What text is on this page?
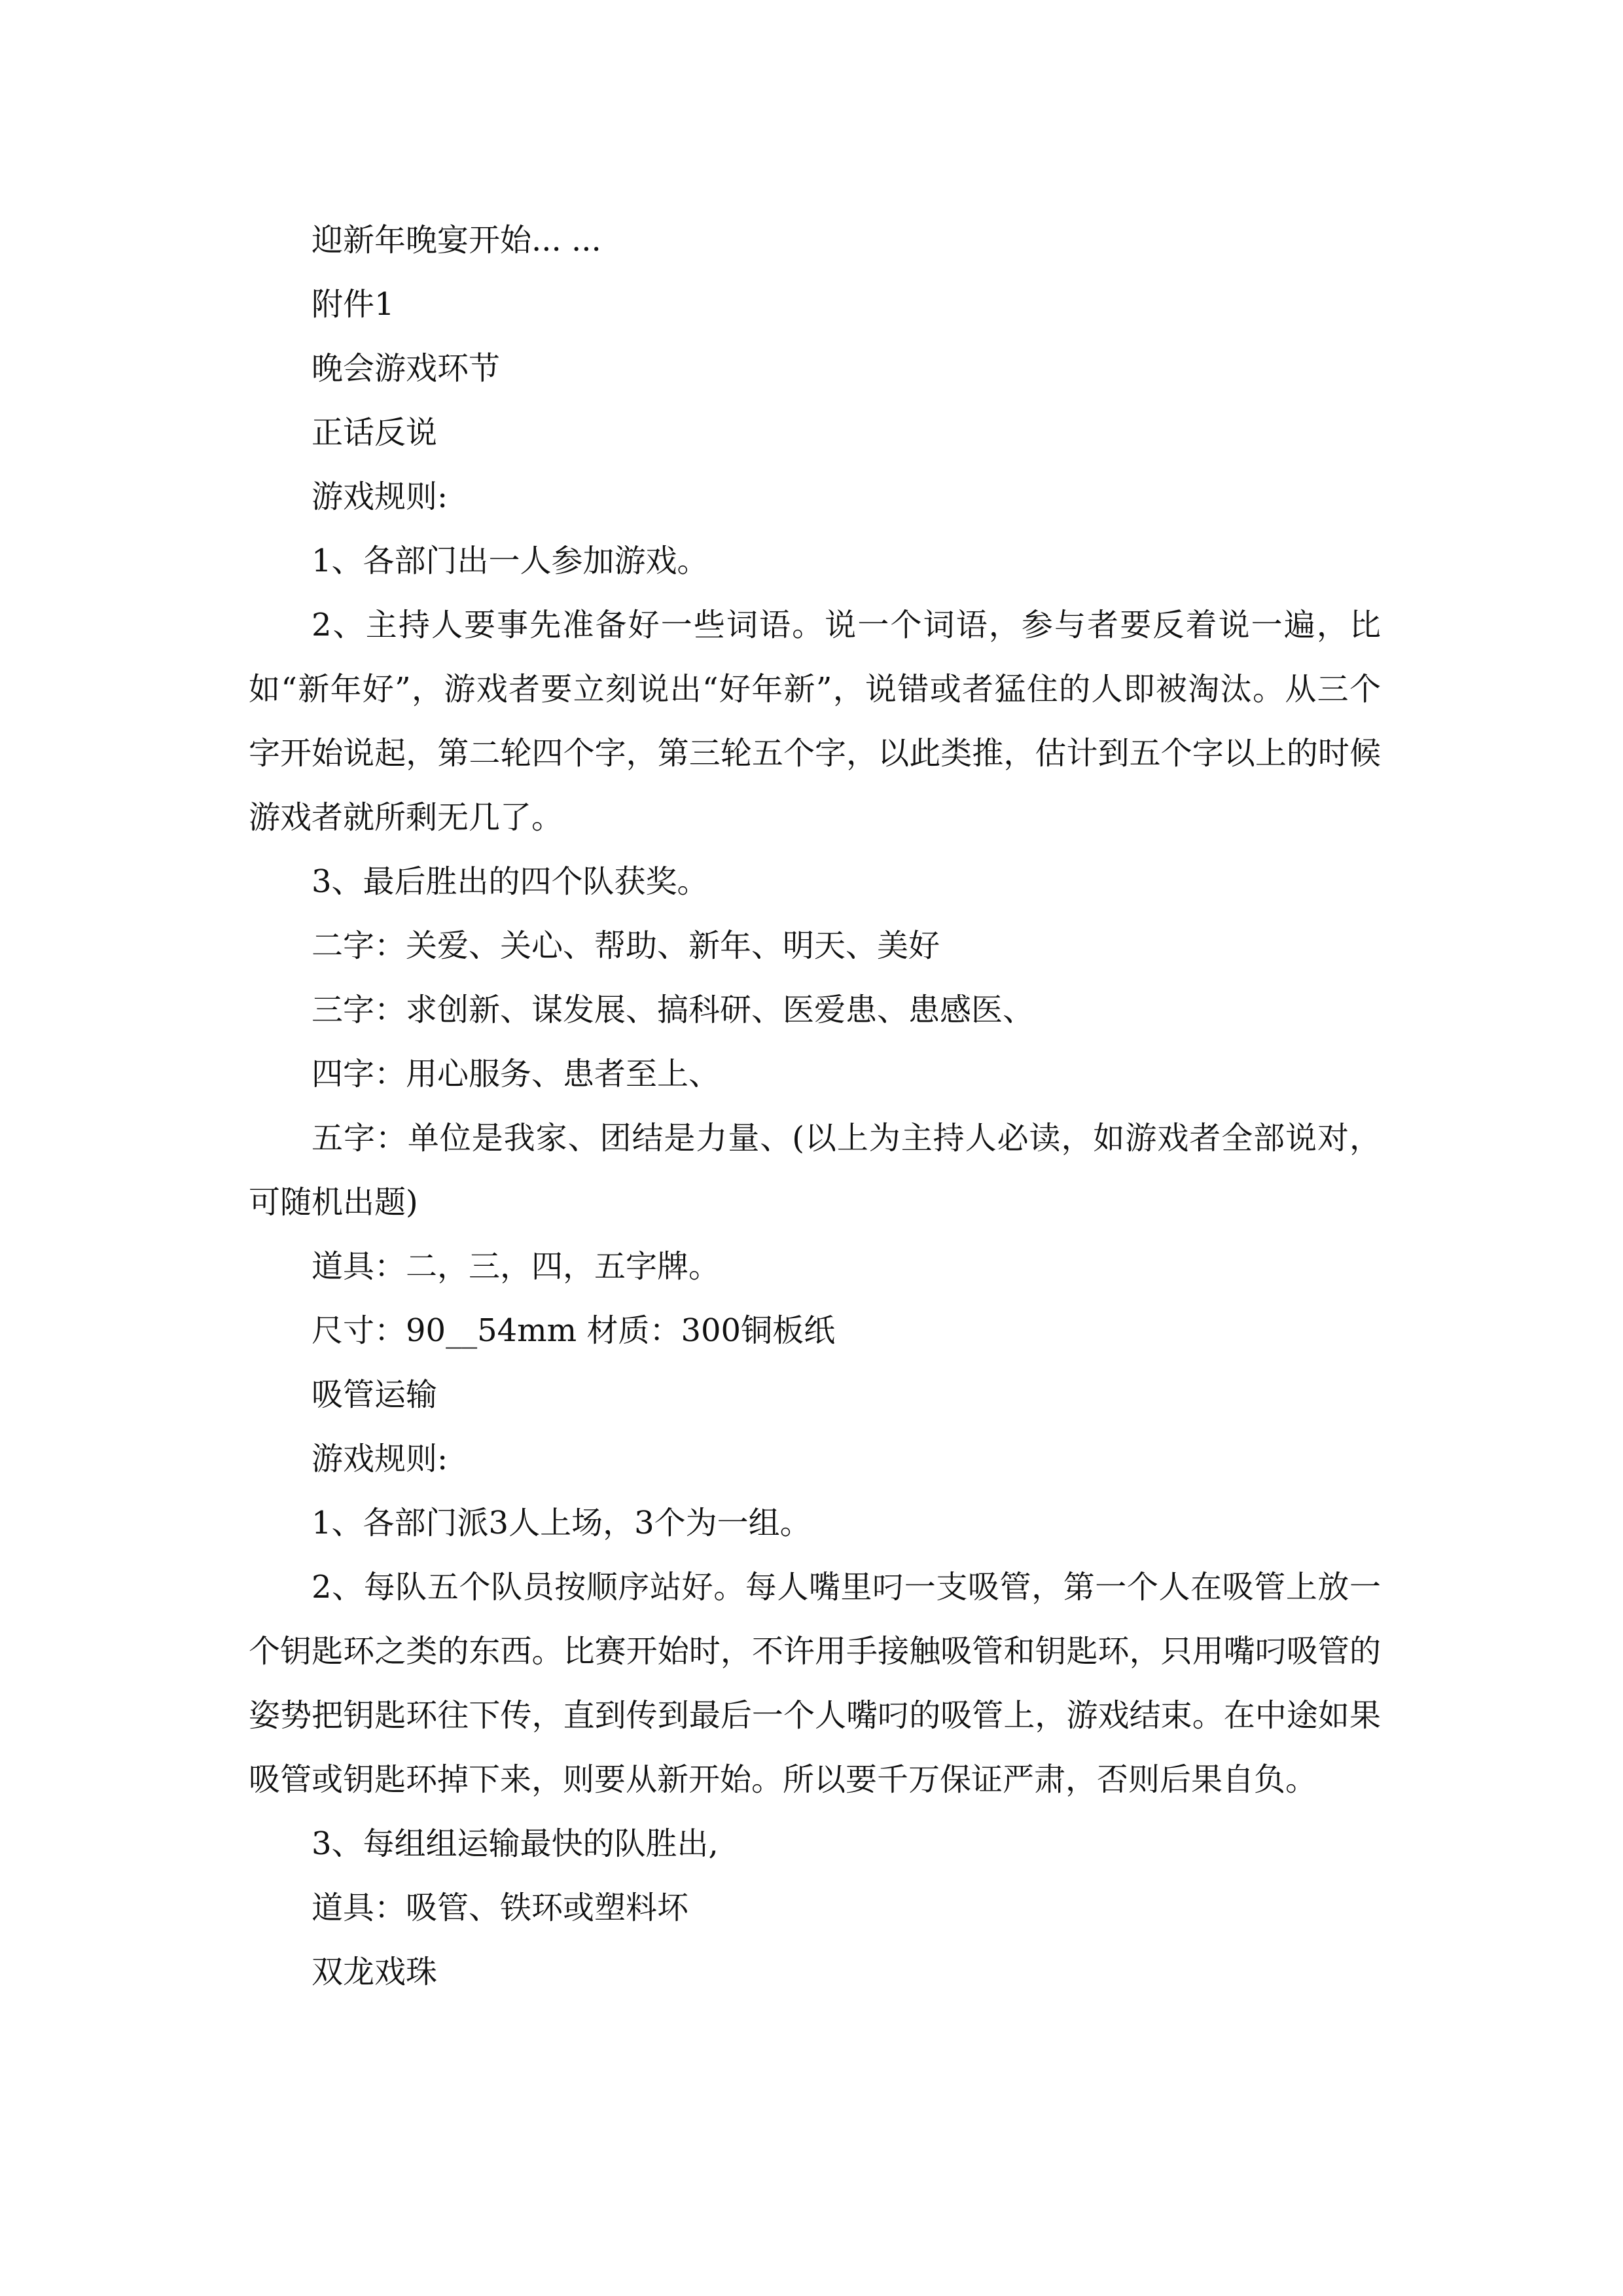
迎新年晚宴开始... ...

附件1

晚会游戏环节

正话反说

游戏规则:

1、各部门出一人参加游戏。

2、主持人要事先准备好一些词语。说一个词语，参与者要反着说一遍，比如“新年好”，游戏者要立刻说出“好年新”，说错或者猛住的人即被淘汰。从三个字开始说起，第二轮四个字，第三轮五个字，以此类推，估计到五个字以上的时候游戏者就所剩无几了。

3、最后胜出的四个队获奖。

二字：关爱、关心、帮助、新年、明天、美好

三字：求创新、谋发展、搞科研、医爱患、患感医、

四字：用心服务、患者至上、

五字：单位是我家、团结是力量、(以上为主持人必读，如游戏者全部说对，可随机出题)

道具：二，三，四，五字牌。

尺寸：90__54mm 材质：300铜板纸

吸管运输

游戏规则:

1、各部门派3人上场，3个为一组。

2、每队五个队员按顺序站好。每人嘴里叼一支吸管，第一个人在吸管上放一个钥匙环之类的东西。比赛开始时，不许用手接触吸管和钥匙环，只用嘴叼吸管的姿势把钥匙环往下传，直到传到最后一个人嘴叼的吸管上，游戏结束。在中途如果吸管或钥匙环掉下来，则要从新开始。所以要千万保证严肃，否则后果自负。

3、每组组运输最快的队胜出,

道具：吸管、铁环或塑料坏

双龙戏珠
